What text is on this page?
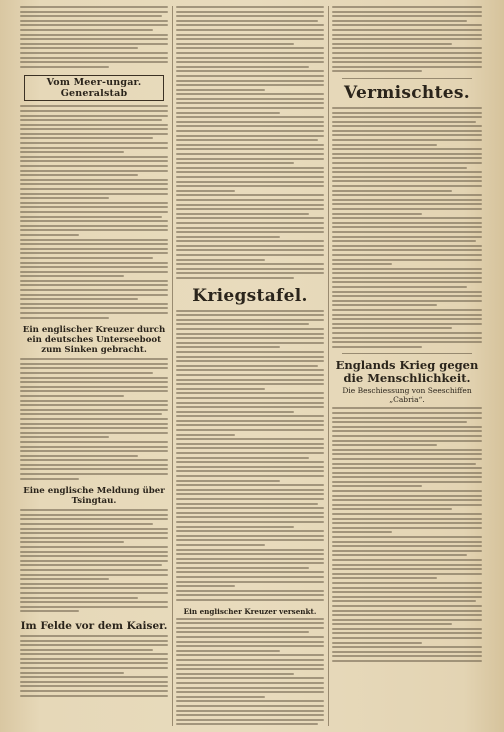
Vom Meer-ungar. Generalstab
Ein englischer Kreuzer durch ein deutsches Unterseeboot zum Sinken gebracht.
Eine englische Meldung über Tsingtau.
Im Felde vor dem Kaiser.
Kriegstafel.
Ein englischer Kreuzer versenkt.
Vermischtes.
Englands Krieg gegen die Menschlichkeit.
Die Beschiessung von Seeschiffen „Cabria“.
